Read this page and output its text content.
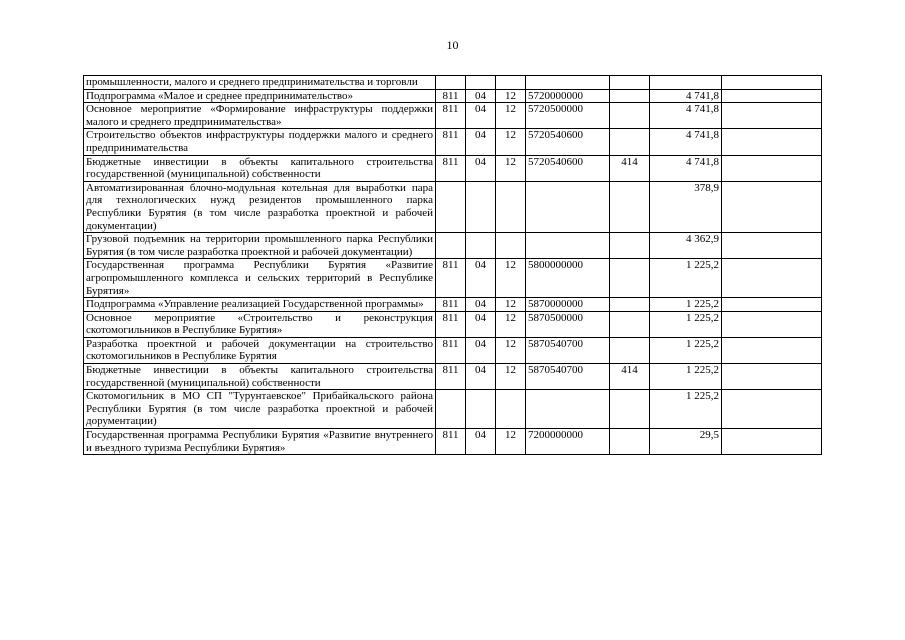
10
промышленности, малого и среднего предпринимательства и торговли							
Подпрограмма «Малое и среднее предпринимательство»	811	04	12	5720000000		4 741,8	
Основное мероприятие «Формирование инфраструктуры поддержки малого и среднего предпринимательства»	811	04	12	5720500000		4 741,8	
Строительство объектов инфраструктуры поддержки малого и среднего предпринимательства	811	04	12	5720540600		4 741,8	
Бюджетные инвестиции в объекты капитального строительства государственной (муниципальной) собственности	811	04	12	5720540600	414	4 741,8	
Автоматизированная блочно-модульная котельная для выработки пара для технологических нужд резидентов промышленного парка Республики Бурятия (в том числе разработка проектной и рабочей документации)						378,9	
Грузовой подъемник на территории промышленного парка Республики Бурятия (в том числе разработка проектной и рабочей документации)						4 362,9	
Государственная программа Республики Бурятия «Развитие агропромышленного комплекса и сельских территорий в Республике Бурятия»	811	04	12	5800000000		1 225,2	
Подпрограмма «Управление реализацией Государственной программы»	811	04	12	5870000000		1 225,2	
Основное мероприятие «Строительство и реконструкция скотомогильников в Республике Бурятия»	811	04	12	5870500000		1 225,2	
Разработка проектной и рабочей документации на строительство скотомогильников в Республике Бурятия	811	04	12	5870540700		1 225,2	
Бюджетные инвестиции в объекты капитального строительства государственной (муниципальной) собственности	811	04	12	5870540700	414	1 225,2	
Скотомогильник в МО СП "Турунтаевское" Прибайкальского района Республики Бурятия (в том числе разработка проектной и рабочей дорументации)						1 225,2	
Государственная программа Республики Бурятия «Развитие внутреннего и въездного туризма Республики Бурятия»	811	04	12	7200000000		29,5	
